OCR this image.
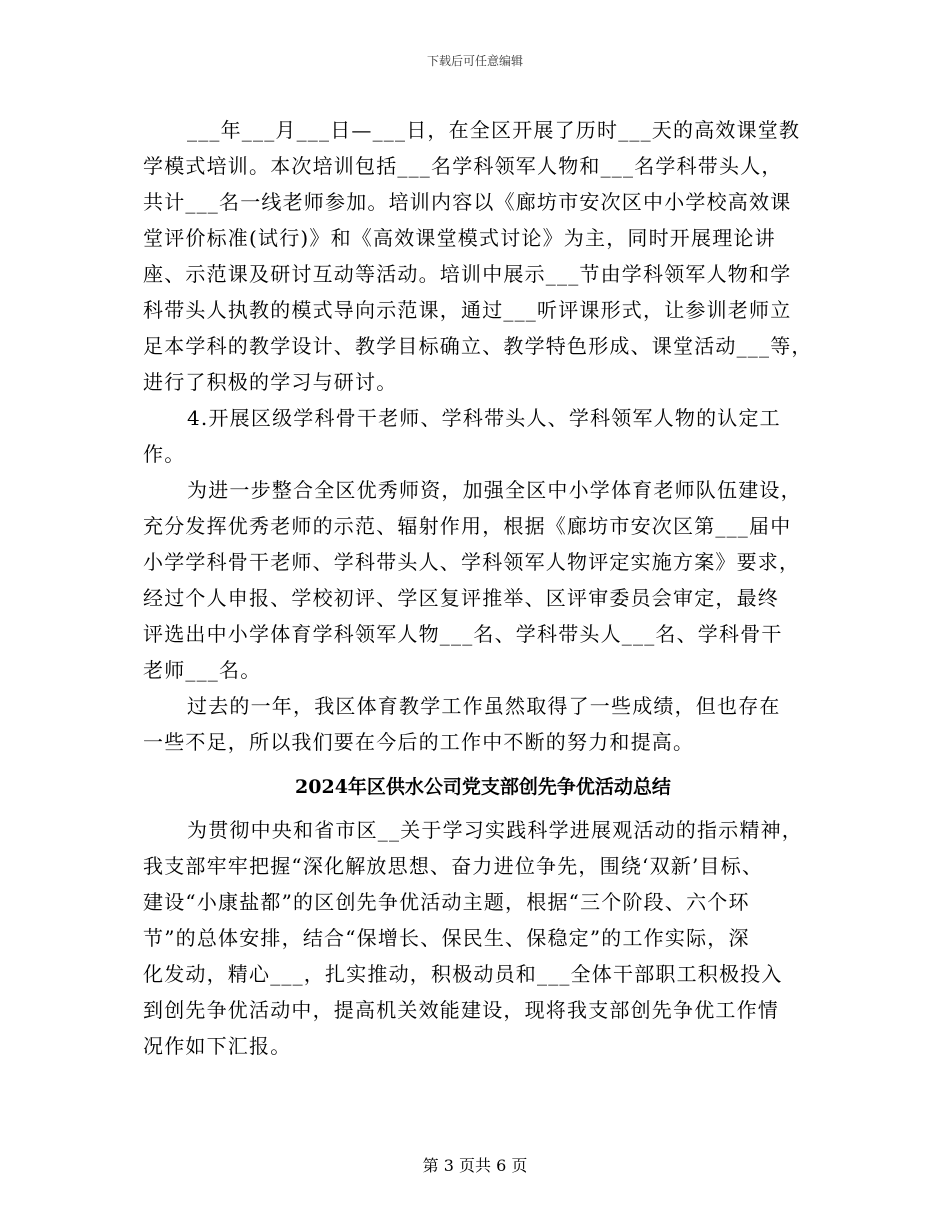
下载后可任意编辑
___年___月___日—___日，在全区开展了历时___天的高效课堂教
学模式培训。本次培训包括___名学科领军人物和___名学科带头人，
共计___名一线老师参加。培训内容以《廊坊市安次区中小学校高效课
堂评价标准(试行)》和《高效课堂模式讨论》为主，同时开展理论讲
座、示范课及研讨互动等活动。培训中展示___节由学科领军人物和学
科带头人执教的模式导向示范课，通过___听评课形式，让参训老师立
足本学科的教学设计、教学目标确立、教学特色形成、课堂活动___等，
进行了积极的学习与研讨。
4.开展区级学科骨干老师、学科带头人、学科领军人物的认定工
作。
为进一步整合全区优秀师资，加强全区中小学体育老师队伍建设，
充分发挥优秀老师的示范、辐射作用，根据《廊坊市安次区第___届中
小学学科骨干老师、学科带头人、学科领军人物评定实施方案》要求，
经过个人申报、学校初评、学区复评推举、区评审委员会审定，最终
评选出中小学体育学科领军人物___名、学科带头人___名、学科骨干
老师___名。
过去的一年，我区体育教学工作虽然取得了一些成绩，但也存在
一些不足，所以我们要在今后的工作中不断的努力和提高。
2024年区供水公司党支部创先争优活动总结
为贯彻中央和省市区__关于学习实践科学进展观活动的指示精神，
我支部牢牢把握“深化解放思想、奋力进位争先，围绕‘双新’目标、
建设“小康盐都”的区创先争优活动主题，根据“三个阶段、六个环
节”的总体安排，结合“保增长、保民生、保稳定”的工作实际，深
化发动，精心___，扎实推动，积极动员和___全体干部职工积极投入
到创先争优活动中，提高机关效能建设，现将我支部创先争优工作情
况作如下汇报。
第 3 页共 6 页
